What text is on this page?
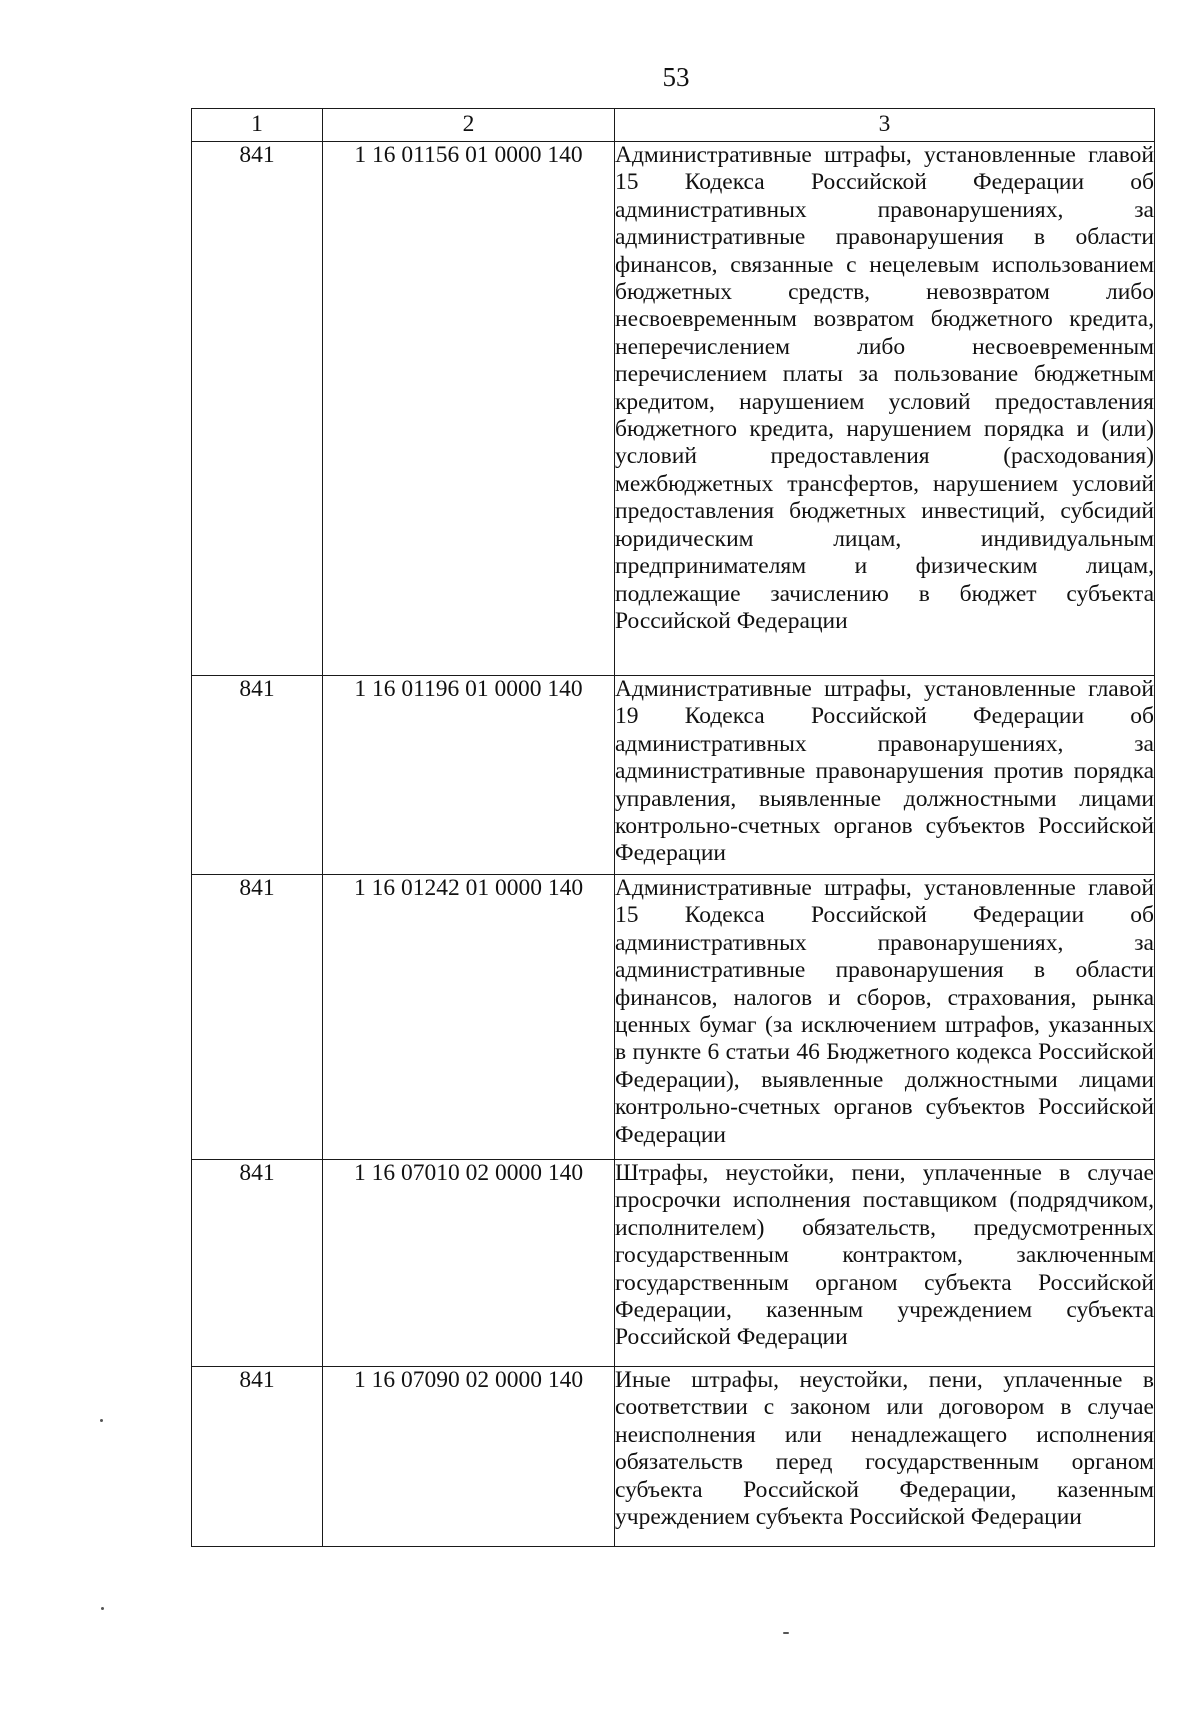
53
1	2	3
841	1 16 01156 01 0000 140	Административные штрафы, установленные главой 15 Кодекса Российской Федерации об административных правонарушениях, за административные правонарушения в области финансов, связанные с нецелевым использованием бюджетных средств, невозвратом либо несвоевременным возвратом бюджетного кредита, неперечислением либо несвоевременным перечислением платы за пользование бюджетным кредитом, нарушением условий предоставления бюджетного кредита, нарушением порядка и (или) условий предоставления (расходования) межбюджетных трансфертов, нарушением условий предоставления бюджетных инвестиций, субсидий юридическим лицам, индивидуальным предпринимателям и физическим лицам, подлежащие зачислению в бюджет субъекта Российской Федерации
841	1 16 01196 01 0000 140	Административные штрафы, установленные главой 19 Кодекса Российской Федерации об административных правонарушениях, за административные правонарушения против порядка управления, выявленные должностными лицами контрольно-счетных органов субъектов Российской Федерации
841	1 16 01242 01 0000 140	Административные штрафы, установленные главой 15 Кодекса Российской Федерации об административных правонарушениях, за административные правонарушения в области финансов, налогов и сборов, страхования, рынка ценных бумаг (за исключением штрафов, указанных в пункте 6 статьи 46 Бюджетного кодекса Российской Федерации), выявленные должностными лицами контрольно-счетных органов субъектов Российской Федерации
841	1 16 07010 02 0000 140	Штрафы, неустойки, пени, уплаченные в случае просрочки исполнения поставщиком (подрядчиком, исполнителем) обязательств, предусмотренных государственным контрактом, заключенным государственным органом субъекта Российской Федерации, казенным учреждением субъекта Российской Федерации
841	1 16 07090 02 0000 140	Иные штрафы, неустойки, пени, уплаченные в соответствии с законом или договором в случае неисполнения или ненадлежащего исполнения обязательств перед государственным органом субъекта Российской Федерации, казенным учреждением субъекта Российской Федерации
